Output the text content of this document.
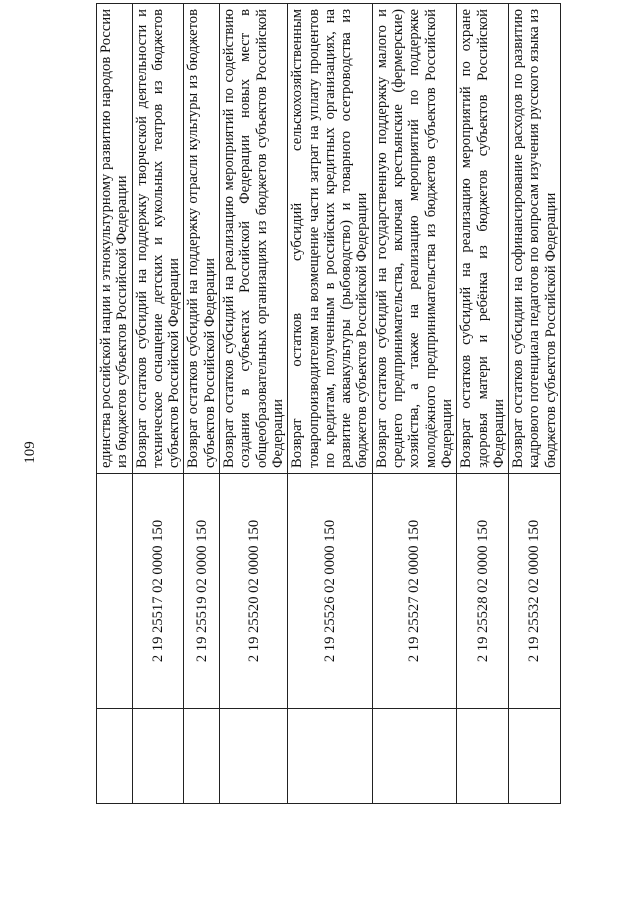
109
			единства российской нации и этнокультурному развитию народов России из бюджетов субъектов Российской Федерации
	2 19 25517 02 0000 150	Возврат остатков субсидий на поддержку творческой деятельности и техническое оснащение детских и кукольных театров из бюджетов субъектов Российской Федерации
	2 19 25519 02 0000 150	Возврат остатков субсидий на поддержку отрасли культуры из бюджетов субъектов Российской Федерации
	2 19 25520 02 0000 150	Возврат остатков субсидий на реализацию мероприятий по содействию создания в субъектах Российской Федерации новых мест в общеобразовательных организациях из бюджетов субъектов Российской Федерации
	2 19 25526 02 0000 150	Возврат остатков субсидий сельскохозяйственным товаропроизводителям на возмещение части затрат на уплату процентов по кредитам, полученным в российских кредитных организациях, на развитие аквакультуры (рыбоводство) и товарного осетроводства из бюджетов субъектов Российской Федерации
	2 19 25527 02 0000 150	Возврат остатков субсидий на государственную поддержку малого и среднего предпринимательства, включая крестьянские (фермерские) хозяйства, а также на реализацию мероприятий по поддержке молодёжного предпринимательства из бюджетов субъектов Российской Федерации
	2 19 25528 02 0000 150	Возврат остатков субсидий на реализацию мероприятий по охране здоровья матери и ребёнка из бюджетов субъектов Российской Федерации
	2 19 25532 02 0000 150	Возврат остатков субсидии на софинансирование расходов по развитию кадрового потенциала педагогов по вопросам изучения русского языка из бюджетов субъектов Российской Федерации
